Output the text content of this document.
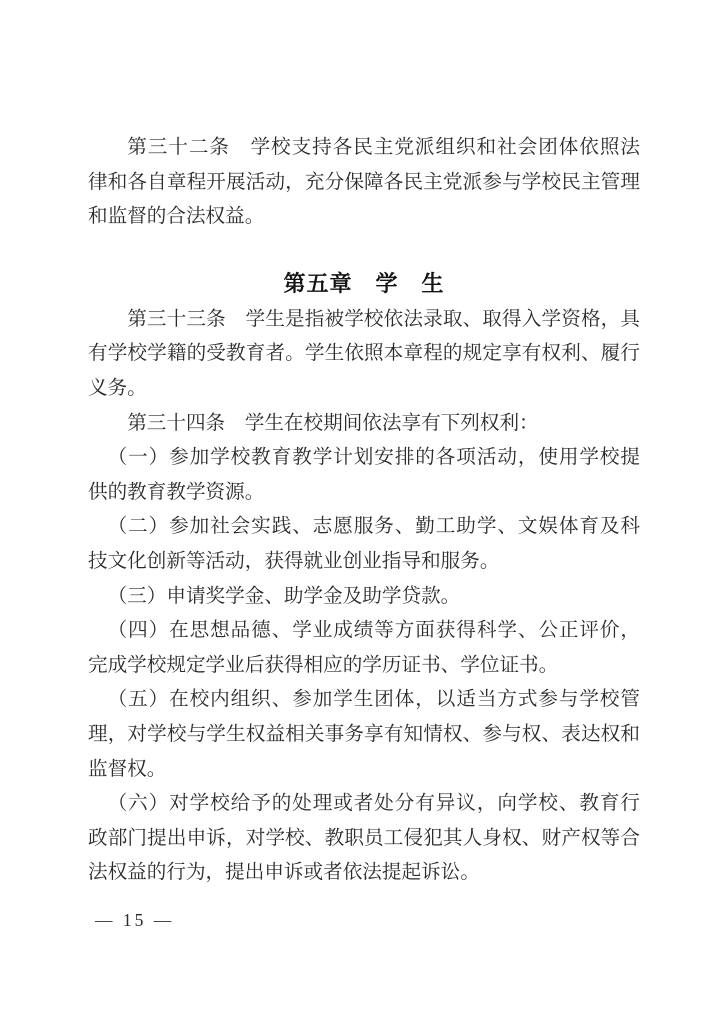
第三十二条　学校支持各民主党派组织和社会团体依照法
律和各自章程开展活动，充分保障各民主党派参与学校民主管理
和监督的合法权益。
第五章　学　生
第三十三条　学生是指被学校依法录取、取得入学资格，具
有学校学籍的受教育者。学生依照本章程的规定享有权利、履行
义务。
第三十四条　学生在校期间依法享有下列权利：
（一）参加学校教育教学计划安排的各项活动，使用学校提
供的教育教学资源。
（二）参加社会实践、志愿服务、勤工助学、文娱体育及科
技文化创新等活动，获得就业创业指导和服务。
（三）申请奖学金、助学金及助学贷款。
（四）在思想品德、学业成绩等方面获得科学、公正评价，
完成学校规定学业后获得相应的学历证书、学位证书。
（五）在校内组织、参加学生团体，以适当方式参与学校管
理，对学校与学生权益相关事务享有知情权、参与权、表达权和
监督权。
（六）对学校给予的处理或者处分有异议，向学校、教育行
政部门提出申诉，对学校、教职员工侵犯其人身权、财产权等合
法权益的行为，提出申诉或者依法提起诉讼。
— 15 —
